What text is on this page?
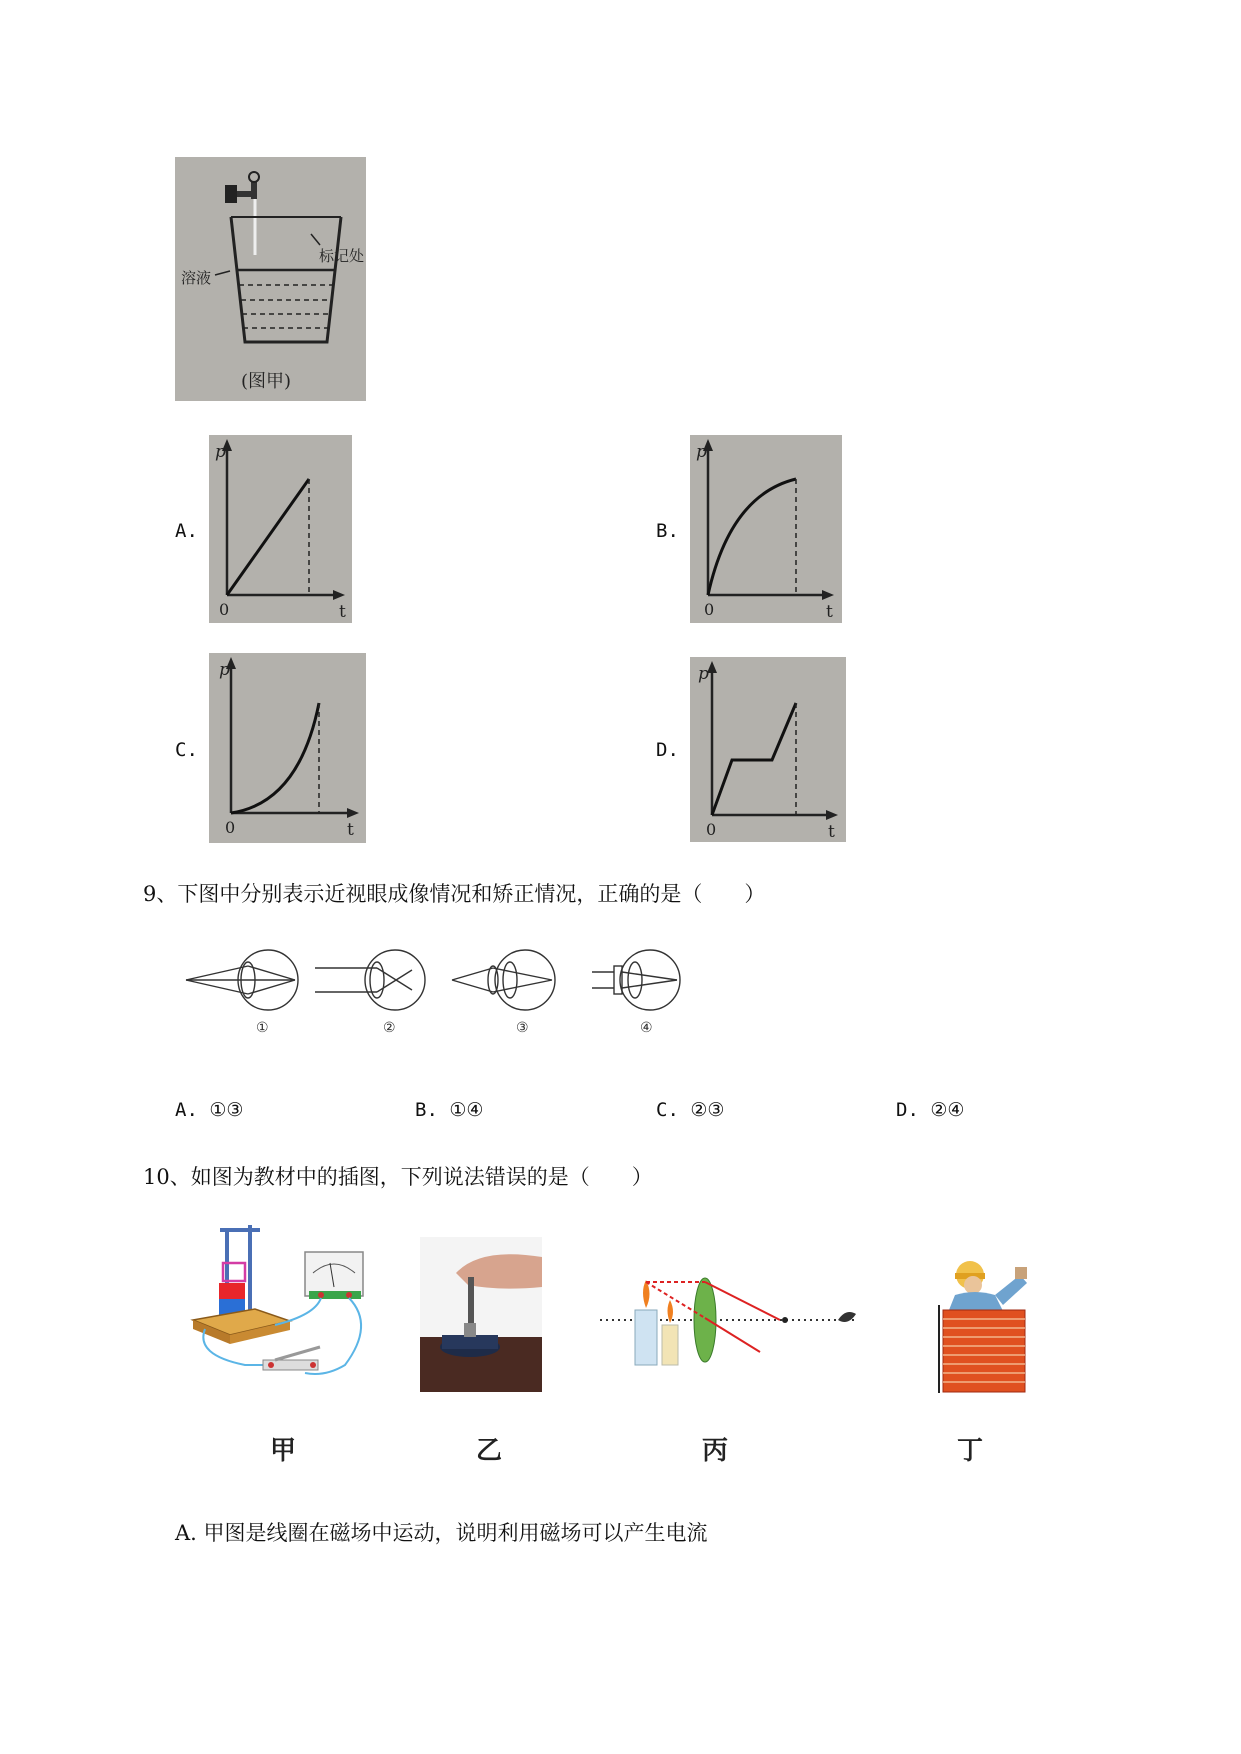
标记处
溶液
(图甲)
A.
p
0	t
B.
p
0	t
C.
p
0	t
D.
p
0	t
9、下图中分别表示近视眼成像情况和矫正情况，正确的是（　　）
①	②	③	④
A. ①③	B. ①④	C. ②③	D. ②④
10、如图为教材中的插图，下列说法错误的是（　　）
甲	乙	丙	丁
A. 甲图是线圈在磁场中运动，说明利用磁场可以产生电流
